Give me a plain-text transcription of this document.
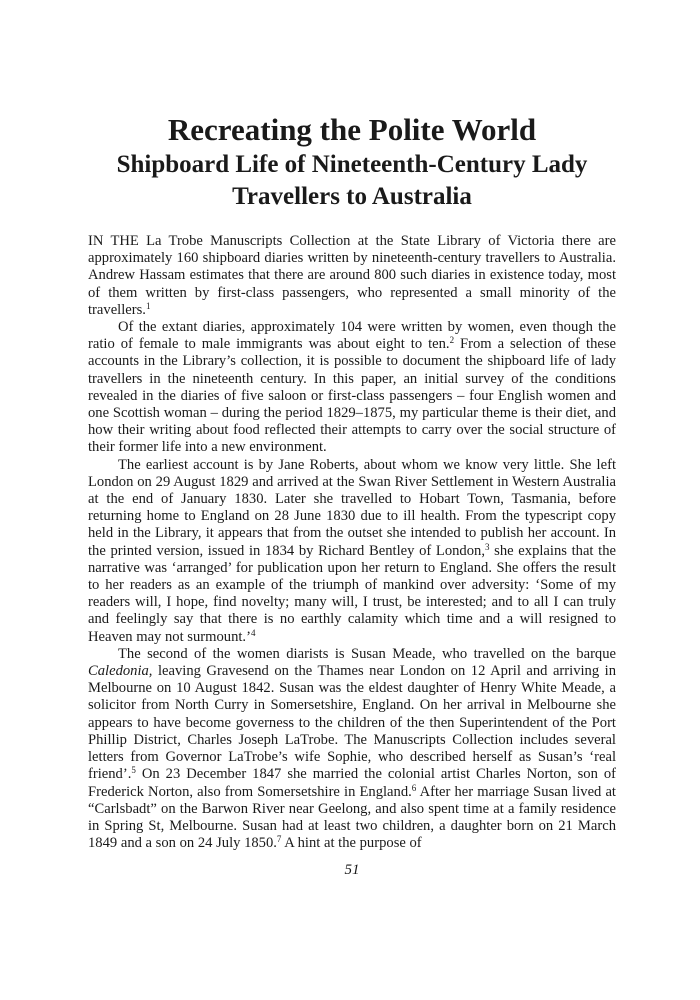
Recreating the Polite World
Shipboard Life of Nineteenth-Century Lady
Travellers to Australia

IN THE La Trobe Manuscripts Collection at the State Library of Victoria there are approximately 160 shipboard diaries written by nineteenth-century travellers to Australia. Andrew Hassam estimates that there are around 800 such diaries in existence today, most of them written by first-class passengers, who represented a small minority of the travellers.$^1$

Of the extant diaries, approximately 104 were written by women, even though the ratio of female to male immigrants was about eight to ten.$^2$ From a selection of these accounts in the Library’s collection, it is possible to document the shipboard life of lady travellers in the nineteenth century. In this paper, an initial survey of the conditions revealed in the diaries of five saloon or first-class passengers – four English women and one Scottish woman – during the period 1829–1875, my particular theme is their diet, and how their writing about food reflected their attempts to carry over the social structure of their former life into a new environment.

The earliest account is by Jane Roberts, about whom we know very little. She left London on 29 August 1829 and arrived at the Swan River Settlement in Western Australia at the end of January 1830. Later she travelled to Hobart Town, Tasmania, before returning home to England on 28 June 1830 due to ill health. From the typescript copy held in the Library, it appears that from the outset she intended to publish her account. In the printed version, issued in 1834 by Richard Bentley of London,$^3$ she explains that the narrative was ‘arranged’ for publication upon her return to England. She offers the result to her readers as an example of the triumph of mankind over adversity: ‘Some of my readers will, I hope, find novelty; many will, I trust, be interested; and to all I can truly and feelingly say that there is no earthly calamity which time and a will resigned to Heaven may not surmount.’$^4$

The second of the women diarists is Susan Meade, who travelled on the barque Caledonia, leaving Gravesend on the Thames near London on 12 April and arriving in Melbourne on 10 August 1842. Susan was the eldest daughter of Henry White Meade, a solicitor from North Curry in Somersetshire, England. On her arrival in Melbourne she appears to have become governess to the children of the then Superintendent of the Port Phillip District, Charles Joseph LaTrobe. The Manuscripts Collection includes several letters from Governor LaTrobe’s wife Sophie, who described herself as Susan’s ‘real friend’.$^5$ On 23 December 1847 she married the colonial artist Charles Norton, son of Frederick Norton, also from Somersetshire in England.$^6$ After her marriage Susan lived at “Carlsbadt” on the Barwon River near Geelong, and also spent time at a family residence in Spring St, Melbourne. Susan had at least two children, a daughter born on 21 March 1849 and a son on 24 July 1850.$^7$ A hint at the purpose of

51
